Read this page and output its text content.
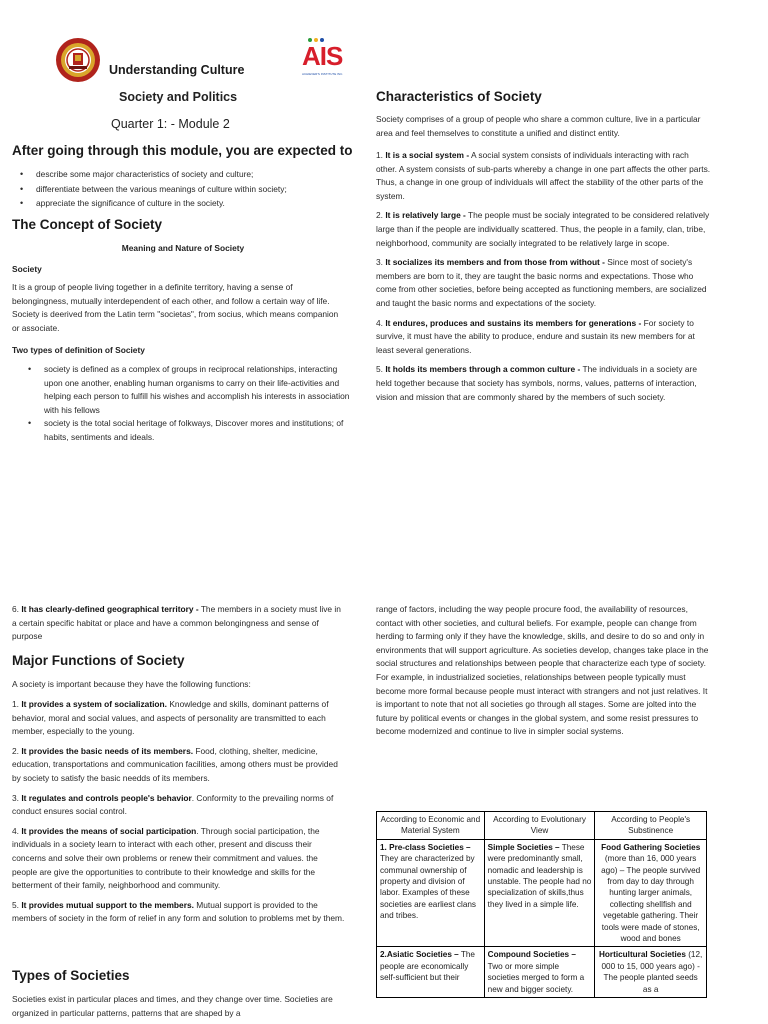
Understanding Culture
Society and Politics
Quarter 1: - Module 2
AIS
ACHIEVER'S INSTITUTE INC.
After going through this module, you are expected to
• describe some major characteristics of society and culture;
• differentiate between the various meanings of culture within society;
• appreciate the significance of culture in the society.
The Concept of Society
Meaning and Nature of Society
Society

It is a group of people living together in a definite territory, having a sense of belongingness, mutually interdependent of each other, and follow a certain way of life. Society is deerived from the Latin term "societas", from socius, which means companion or associate.

Two types of definition of Society
• society is defined as a complex of groups in reciprocal relationships, interacting upon one another, enabling human organisms to carry on their life-activities and helping each person to fulfill his wishes and accomplish his interests in association with his fellows
• society is the total social heritage of folkways, Discover mores and institutions; of habits, sentiments and ideals.
Characteristics of Society

Society comprises of a group of people who share a common culture, live in a particular area and feel themselves to constitute a unified and distinct entity.

1. It is a social system - A social system consists of individuals interacting with rach other. A system consists of sub-parts whereby a change in one part affects the other parts. Thus, a change in one group of individuals will affect the stability of the other parts of the system.

2. It is relatively large - The people must be socialy integrated to be considered relatively large than if the people are individually scattered. Thus, the people in a family, clan, tribe, neighborhood, community are socially integrated to be relatively large in scope.

3. It socializes its members and from those from without - Since most of society's members are born to it, they are taught the basic norms and expectations. Those who come from other societies, before being accepted as functioning members, are socialized and taught the basic norms and expectations of the society.

4. It endures, produces and sustains its members for generations - For society to survive, it must have the ability to produce, endure and sustain its new members for at least several generations.

5. It holds its members through a common culture - The individuals in a society are held together because that society has symbols, norms, values, patterns of interaction, vision and mission that are commonly shared by the members of such society.

6. It has clearly-defined geographical territory - The members in a society must live in a certain specific habitat or place and have a common belongingness and sense of purpose

Major Functions of Society

A society is important because they have the following functions:

1. It provides a system of socialization. Knowledge and skills, dominant patterns of behavior, moral and social values, and aspects of personality are transmitted to each member, especially to the young.

2. It provides the basic needs of its members. Food, clothing, shelter, medicine, education, transportations and communication facilities, among others must be provided by society to satisfy the basic needds of its members.

3. It regulates and controls people's behavior. Conformity to the prevailing norms of conduct ensures social control.

4. It provides the means of social participation. Through social participation, the individuals in a society learn to interact with each other, present and discuss their concerns and solve their own problems or renew their commitment and values. the people are give the opportunities to contribute to their knowledge and skills for the betterment of their family, neighborhood and community.

5. It provides mutual support to the members. Mutual support is provided to the members of society in the form of relief in any form and solution to problems met by them.

Types of Societies

Societies exist in particular places and times, and they change over time. Societies are organized in particular patterns, patterns that are shaped by a

range of factors, including the way people procure food, the availability of resources, contact with other societies, and cultural beliefs. For example, people can change from herding to farming only if they have the knowledge, skills, and desire to do so and only in environments that will support agriculture. As societies develop, changes take place in the social structures and relationships between people that characterize each type of society. For example, in industrialized societies, relationships between people typically must become more formal because people must interact with strangers and not just relatives. It is important to note that not all societies go through all stages. Some are jolted into the future by political events or changes in the global system, and some resist pressures to become modernized and continue to live in simpler social systems.

According to Economic and Material System	According to Evolutionary View	According to People's Substinence
1. Pre-class Societies – They are characterized by communal ownership of property and division of labor. Examples of these societies are earliest clans and tribes.	Simple Societies – These were predominantly small, nomadic and leadership is unstable. The people had no specialization of skills,thus they lived in a simple life.	Food Gathering Societies (more than 16, 000 years ago) – The people survived from day to day through hunting larger animals, collecting shellfish and vegetable gathering. Their tools were made of stones, wood and bones
2.Asiatic Societies – The people are economically self-sufficient but their	Compound Societies – Two or more simple societies merged to form a new and bigger society.	Horticultural Societies (12, 000 to 15, 000 years ago) - The people planted seeds as a
